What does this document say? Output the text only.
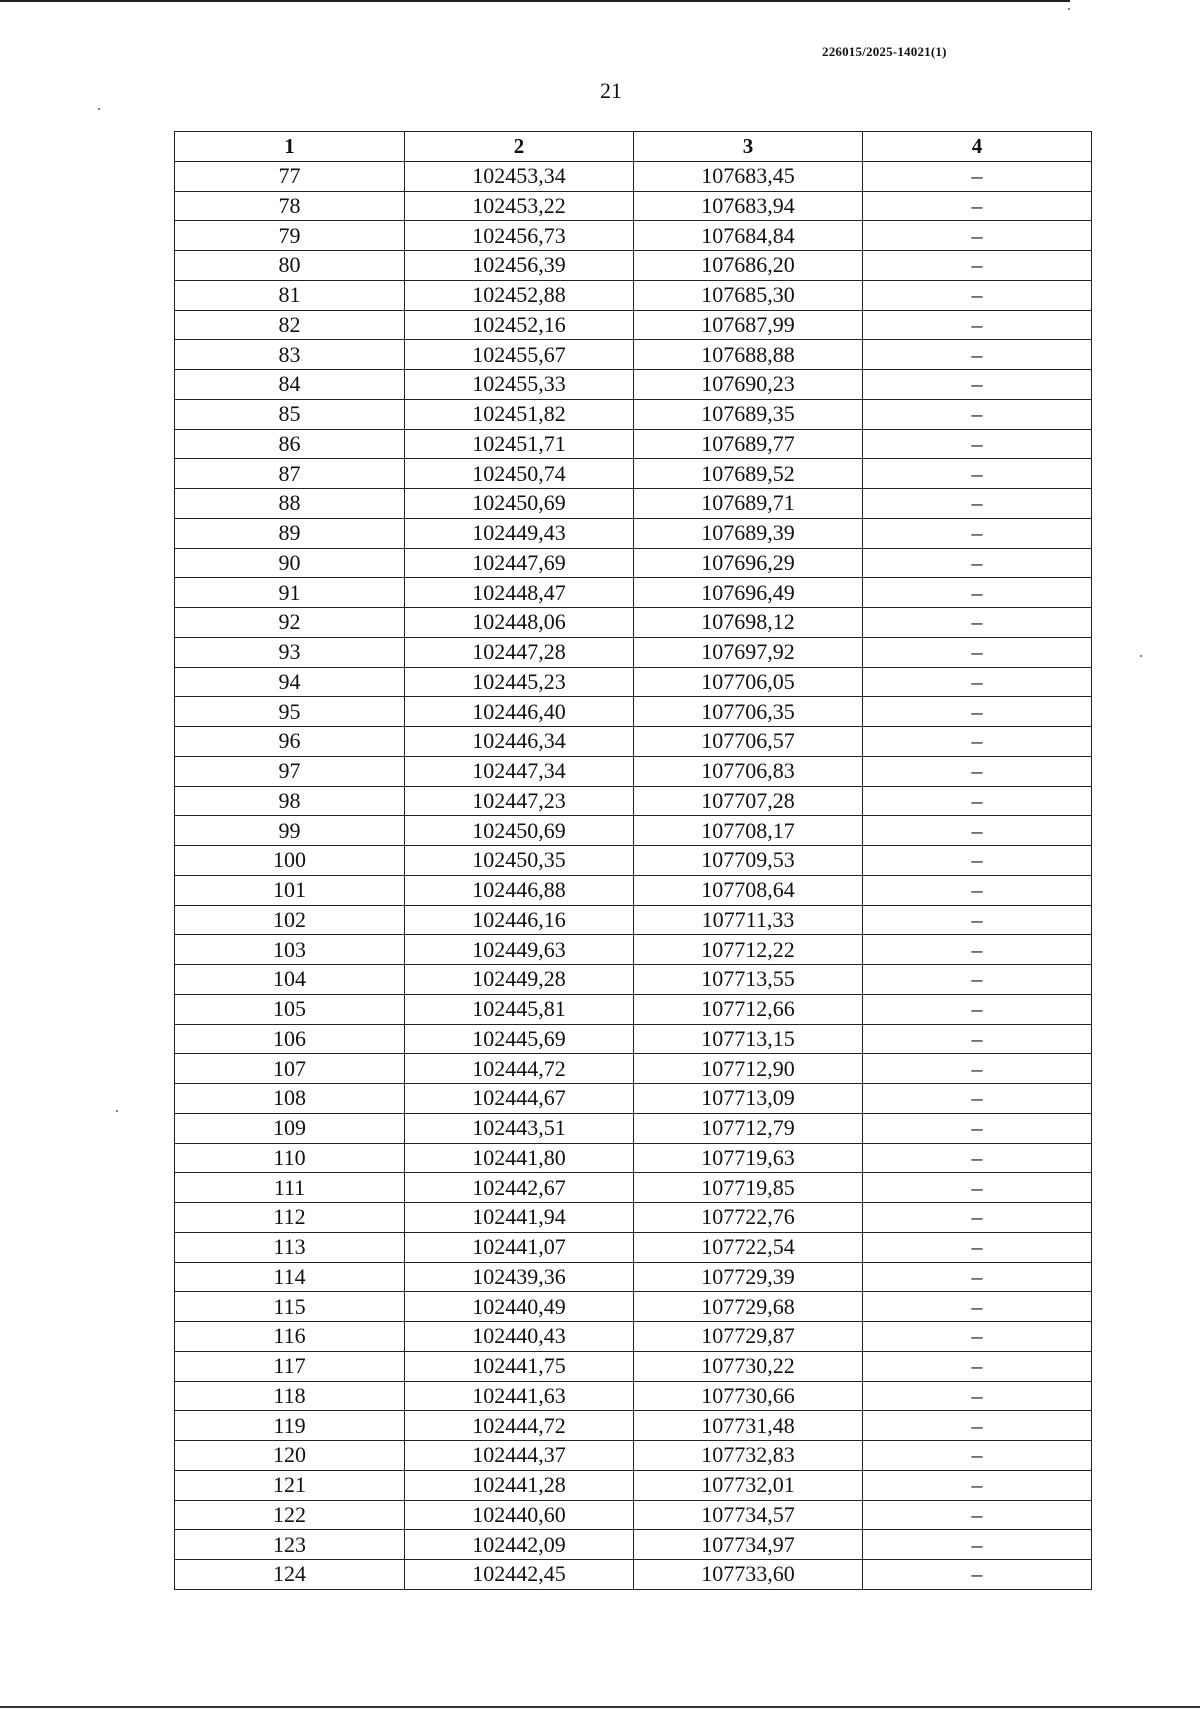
226015/2025-14021(1)
21
1	2	3	4
77	102453,34	107683,45	–
78	102453,22	107683,94	–
79	102456,73	107684,84	–
80	102456,39	107686,20	–
81	102452,88	107685,30	–
82	102452,16	107687,99	–
83	102455,67	107688,88	–
84	102455,33	107690,23	–
85	102451,82	107689,35	–
86	102451,71	107689,77	–
87	102450,74	107689,52	–
88	102450,69	107689,71	–
89	102449,43	107689,39	–
90	102447,69	107696,29	–
91	102448,47	107696,49	–
92	102448,06	107698,12	–
93	102447,28	107697,92	–
94	102445,23	107706,05	–
95	102446,40	107706,35	–
96	102446,34	107706,57	–
97	102447,34	107706,83	–
98	102447,23	107707,28	–
99	102450,69	107708,17	–
100	102450,35	107709,53	–
101	102446,88	107708,64	–
102	102446,16	107711,33	–
103	102449,63	107712,22	–
104	102449,28	107713,55	–
105	102445,81	107712,66	–
106	102445,69	107713,15	–
107	102444,72	107712,90	–
108	102444,67	107713,09	–
109	102443,51	107712,79	–
110	102441,80	107719,63	–
111	102442,67	107719,85	–
112	102441,94	107722,76	–
113	102441,07	107722,54	–
114	102439,36	107729,39	–
115	102440,49	107729,68	–
116	102440,43	107729,87	–
117	102441,75	107730,22	–
118	102441,63	107730,66	–
119	102444,72	107731,48	–
120	102444,37	107732,83	–
121	102441,28	107732,01	–
122	102440,60	107734,57	–
123	102442,09	107734,97	–
124	102442,45	107733,60	–
